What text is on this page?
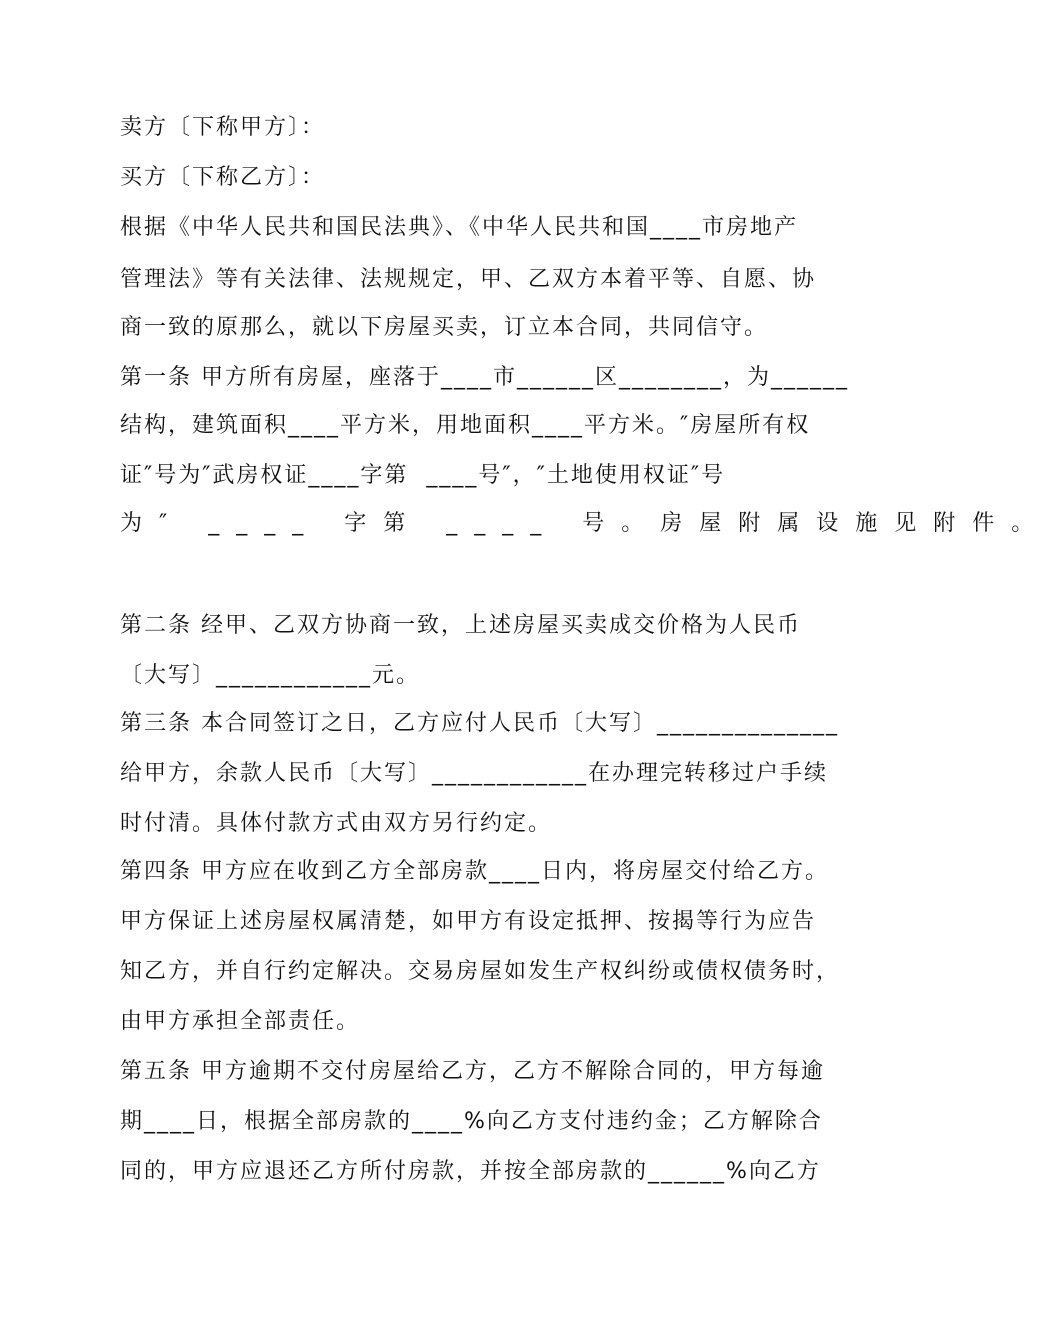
卖方〔下称甲方〕：
买方〔下称乙方〕：
根据《中华人民共和国民法典》、《中华人民共和国____市房地产
管理法》等有关法律、法规规定，甲、乙双方本着平等、自愿、协
商一致的原那么，就以下房屋买卖，订立本合同，共同信守。
第一条 甲方所有房屋，座落于____市______区________，为______
结构，建筑面积____平方米，用地面积____平方米。″房屋所有权
证″号为″武房权证____字第  ____号″，″土地使用权证″号
为″ ____ 字第 ____ 号。房屋附属设施见附件。
第二条 经甲、乙双方协商一致，上述房屋买卖成交价格为人民币
〔大写〕____________元。
第三条 本合同签订之日，乙方应付人民币〔大写〕______________
给甲方，余款人民币〔大写〕____________在办理完转移过户手续
时付清。具体付款方式由双方另行约定。
第四条 甲方应在收到乙方全部房款____日内，将房屋交付给乙方。
甲方保证上述房屋权属清楚，如甲方有设定抵押、按揭等行为应告
知乙方，并自行约定解决。交易房屋如发生产权纠纷或债权债务时，
由甲方承担全部责任。
第五条 甲方逾期不交付房屋给乙方，乙方不解除合同的，甲方每逾
期____日，根据全部房款的____%向乙方支付违约金；乙方解除合
同的，甲方应退还乙方所付房款，并按全部房款的______%向乙方
